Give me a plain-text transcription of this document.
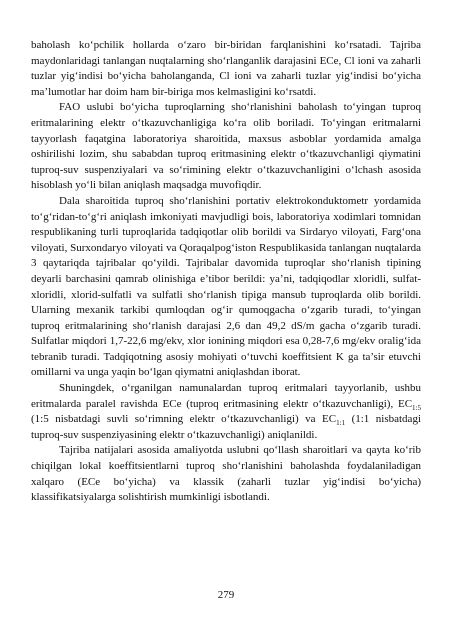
baholash ko‘pchilik hollarda o‘zaro bir-biridan farqlanishini ko‘rsatadi. Tajriba maydonlaridagi tanlangan nuqtalarning sho‘rlanganlik darajasini ECe, Cl ioni va zaharli tuzlar yig‘indisi bo‘yicha baholanganda, Cl ioni va zaharli tuzlar yig‘indisi bo‘yicha ma’lumotlar har doim ham bir-biriga mos kelmasligini ko‘rsatdi.

FAO uslubi bo‘yicha tuproqlarning sho‘rlanishini baholash to‘yingan tuproq eritmalarining elektr o‘tkazuvchanligiga ko‘ra olib boriladi. To‘yingan eritmalarni tayyorlash faqatgina laboratoriya sharoitida, maxsus asboblar yordamida amalga oshirilishi lozim, shu sababdan tuproq eritmasining elektr o‘tkazuvchanligi qiymatini tuproq-suv suspenziyalari va so‘rimining elektr o‘tkazuvchanligini o‘lchash asosida hisoblash yo‘li bilan aniqlash maqsadga muvofiqdir.

Dala sharoitida tuproq sho‘rlanishini portativ elektrokonduktometr yordamida to‘g‘ridan-to‘g‘ri aniqlash imkoniyati mavjudligi bois, laboratoriya xodimlari tomnidan respublikaning turli tuproqlarida tadqiqotlar olib borildi va Sirdaryo viloyati, Farg‘ona viloyati, Surxondaryo viloyati va Qoraqalpog‘iston Respublikasida tanlangan nuqtalarda 3 qaytariqda tajribalar qo‘yildi. Tajribalar davomida tuproqlar sho‘rlanish tipining deyarli barchasini qamrab olinishiga e’tibor berildi: ya’ni, tadqiqodlar xloridli, sulfat-xloridli, xlorid-sulfatli va sulfatli sho‘rlanish tipiga mansub tuproqlarda olib borildi. Ularning mexanik tarkibi qumloqdan og‘ir qumoqgacha o‘zgarib turadi, to‘yingan tuproq eritmalarining sho‘rlanish darajasi 2,6 dan 49,2 dS/m gacha o‘zgarib turadi. Sulfatlar miqdori 1,7-22,6 mg/ekv, xlor ionining miqdori esa 0,28-7,6 mg/ekv oralig‘ida tebranib turadi. Tadqiqotning asosiy mohiyati o‘tuvchi koeffitsient K ga ta’sir etuvchi omillarni va unga yaqin bo‘lgan qiymatni aniqlashdan iborat.

Shuningdek, o‘rganilgan namunalardan tuproq eritmalari tayyorlanib, ushbu eritmalarda paralel ravishda ECe (tuproq eritmasining elektr o‘tkazuvchanligi), $EC_{1:5}$ (1:5 nisbatdagi suvli so‘rimning elektr o‘tkazuvchanligi) va $EC_{1:1}$ (1:1 nisbatdagi tuproq-suv suspenziyasining elektr o‘tkazuvchanligi) aniqlanildi.

Tajriba natijalari asosida amaliyotda uslubni qo‘llash sharoitlari va qayta ko‘rib chiqilgan lokal koeffitsientlarni tuproq sho‘rlanishini baholashda foydalaniladigan xalqaro (ECe bo‘yicha) va klassik (zaharli tuzlar yig‘indisi bo‘yicha) klassifikatsiyalarga solishtirish mumkinligi isbotlandi.

279
